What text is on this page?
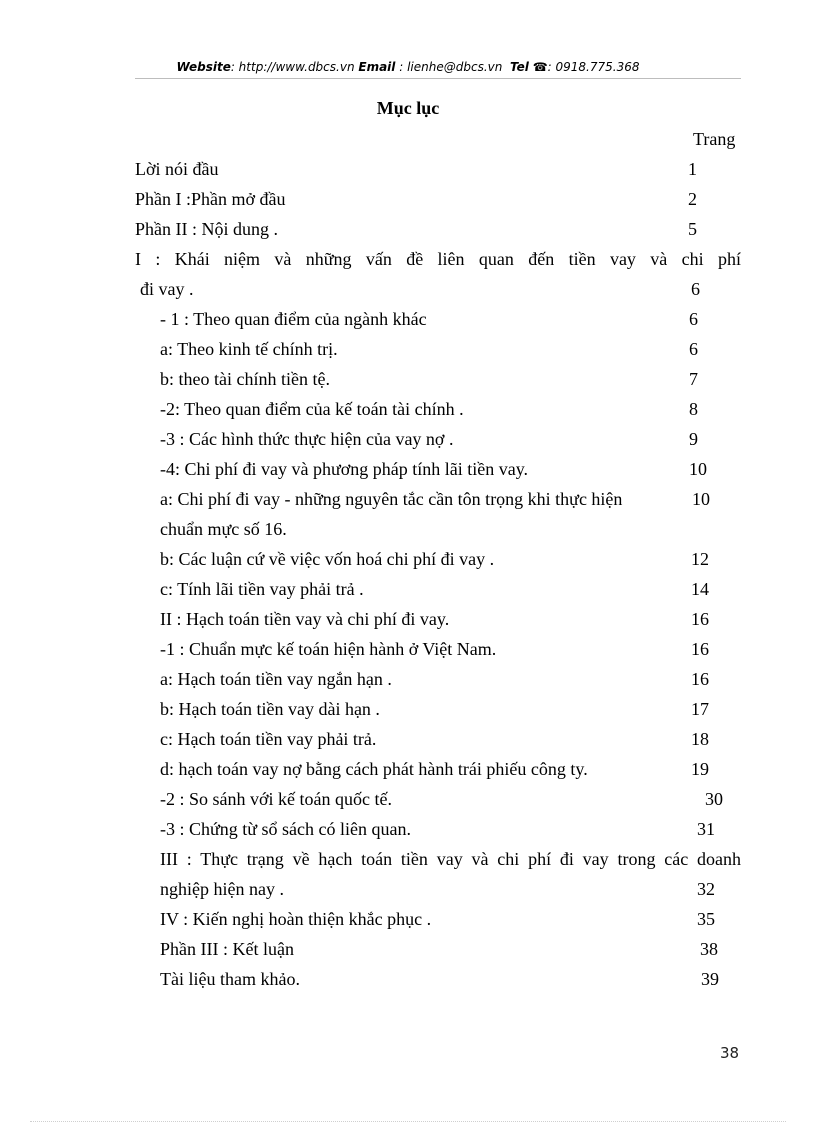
Website: http://www.dbcs.vn Email : lienhe@dbcs.vn Tel ☎: 0918.775.368
Mục lục
Trang
Lời nói đầu	1
Phần I :Phần mở đầu	2
Phần II : Nội dung .	5
I : Khái niệm và những vấn đề liên quan đến tiền vay và chi phí
đi vay .	6
- 1 : Theo quan điểm của ngành khác	6
a: Theo kinh tế chính trị.	6
b: theo tài chính tiền tệ.	7
-2: Theo quan điểm của kế toán tài chính .	8
-3 : Các hình thức thực hiện của vay nợ .	9
-4: Chi phí đi vay và phương pháp tính lãi tiền vay.	10
a: Chi phí đi vay - những nguyên tắc cần tôn trọng khi thực hiện	10
chuẩn mực số 16.
b: Các luận cứ về việc vốn hoá chi phí đi vay .	12
c: Tính lãi tiền vay phải trả .	14
II : Hạch toán tiền vay và chi phí đi vay.	16
-1 : Chuẩn mực kế toán hiện hành ở Việt Nam.	16
a: Hạch toán tiền vay ngắn hạn .	16
b: Hạch toán tiền vay dài hạn .	17
c: Hạch toán tiền vay phải trả.	18
d: hạch toán vay nợ bằng cách phát hành trái phiếu công ty.	19
-2 : So sánh với kế toán quốc tế.	30
-3 : Chứng từ sổ sách có liên quan.	31
III : Thực trạng về hạch toán tiền vay và chi phí đi vay trong các doanh
nghiệp hiện nay .	32
IV : Kiến nghị hoàn thiện khắc phục .	35
Phần III : Kết luận	38
Tài liệu tham khảo.	39
38
